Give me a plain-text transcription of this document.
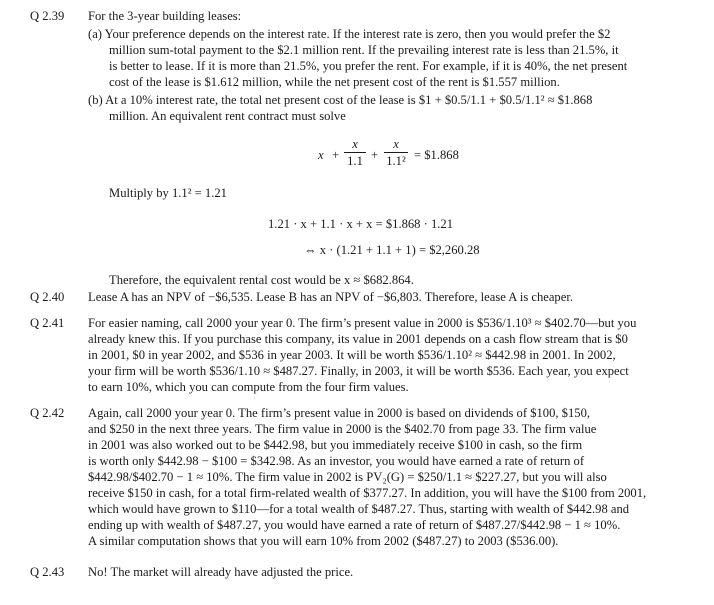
Q 2.39 For the 3-year building leases:
(a) Your preference depends on the interest rate. If the interest rate is zero, then you would prefer the $2
million sum-total payment to the $2.1 million rent. If the prevailing interest rate is less than 21.5%, it
is better to lease. If it is more than 21.5%, you prefer the rent. For example, if it is 40%, the net present
cost of the lease is $1.612 million, while the net present cost of the rent is $1.557 million.
(b) At a 10% interest rate, the total net present cost of the lease is $1 + $0.5/1.1 + $0.5/1.1² ≈ $1.868
million. An equivalent rent contract must solve
x +
x
1.1 +
x
1.1² = $1.868
Multiply by 1.1² = 1.21
1.21 · x + 1.1 · x + x = $1.868 · 1.21
⇔ x · (1.21 + 1.1 + 1) = $2,260.28
Therefore, the equivalent rental cost would be x ≈ $682.864.
Q 2.40 Lease A has an NPV of −$6,535. Lease B has an NPV of −$6,803. Therefore, lease A is cheaper.
Q 2.41 For easier naming, call 2000 your year 0. The firm’s present value in 2000 is $536/1.10³ ≈ $402.70—but you
already knew this. If you purchase this company, its value in 2001 depends on a cash flow stream that is $0
in 2001, $0 in year 2002, and $536 in year 2003. It will be worth $536/1.10² ≈ $442.98 in 2001. In 2002,
your firm will be worth $536/1.10 ≈ $487.27. Finally, in 2003, it will be worth $536. Each year, you expect
to earn 10%, which you can compute from the four firm values.
Q 2.42 Again, call 2000 your year 0. The firm’s present value in 2000 is based on dividends of $100, $150,
and $250 in the next three years. The firm value in 2000 is the $402.70 from page 33. The firm value
in 2001 was also worked out to be $442.98, but you immediately receive $100 in cash, so the firm
is worth only $442.98 − $100 = $342.98. As an investor, you would have earned a rate of return of
$442.98/$402.70 − 1 ≈ 10%. The firm value in 2002 is PV₂(G) = $250/1.1 ≈ $227.27, but you will also
receive $150 in cash, for a total firm-related wealth of $377.27. In addition, you will have the $100 from 2001,
which would have grown to $110—for a total wealth of $487.27. Thus, starting with wealth of $442.98 and
ending up with wealth of $487.27, you would have earned a rate of return of $487.27/$442.98 − 1 ≈ 10%.
A similar computation shows that you will earn 10% from 2002 ($487.27) to 2003 ($536.00).
Q 2.43 No! The market will already have adjusted the price.
